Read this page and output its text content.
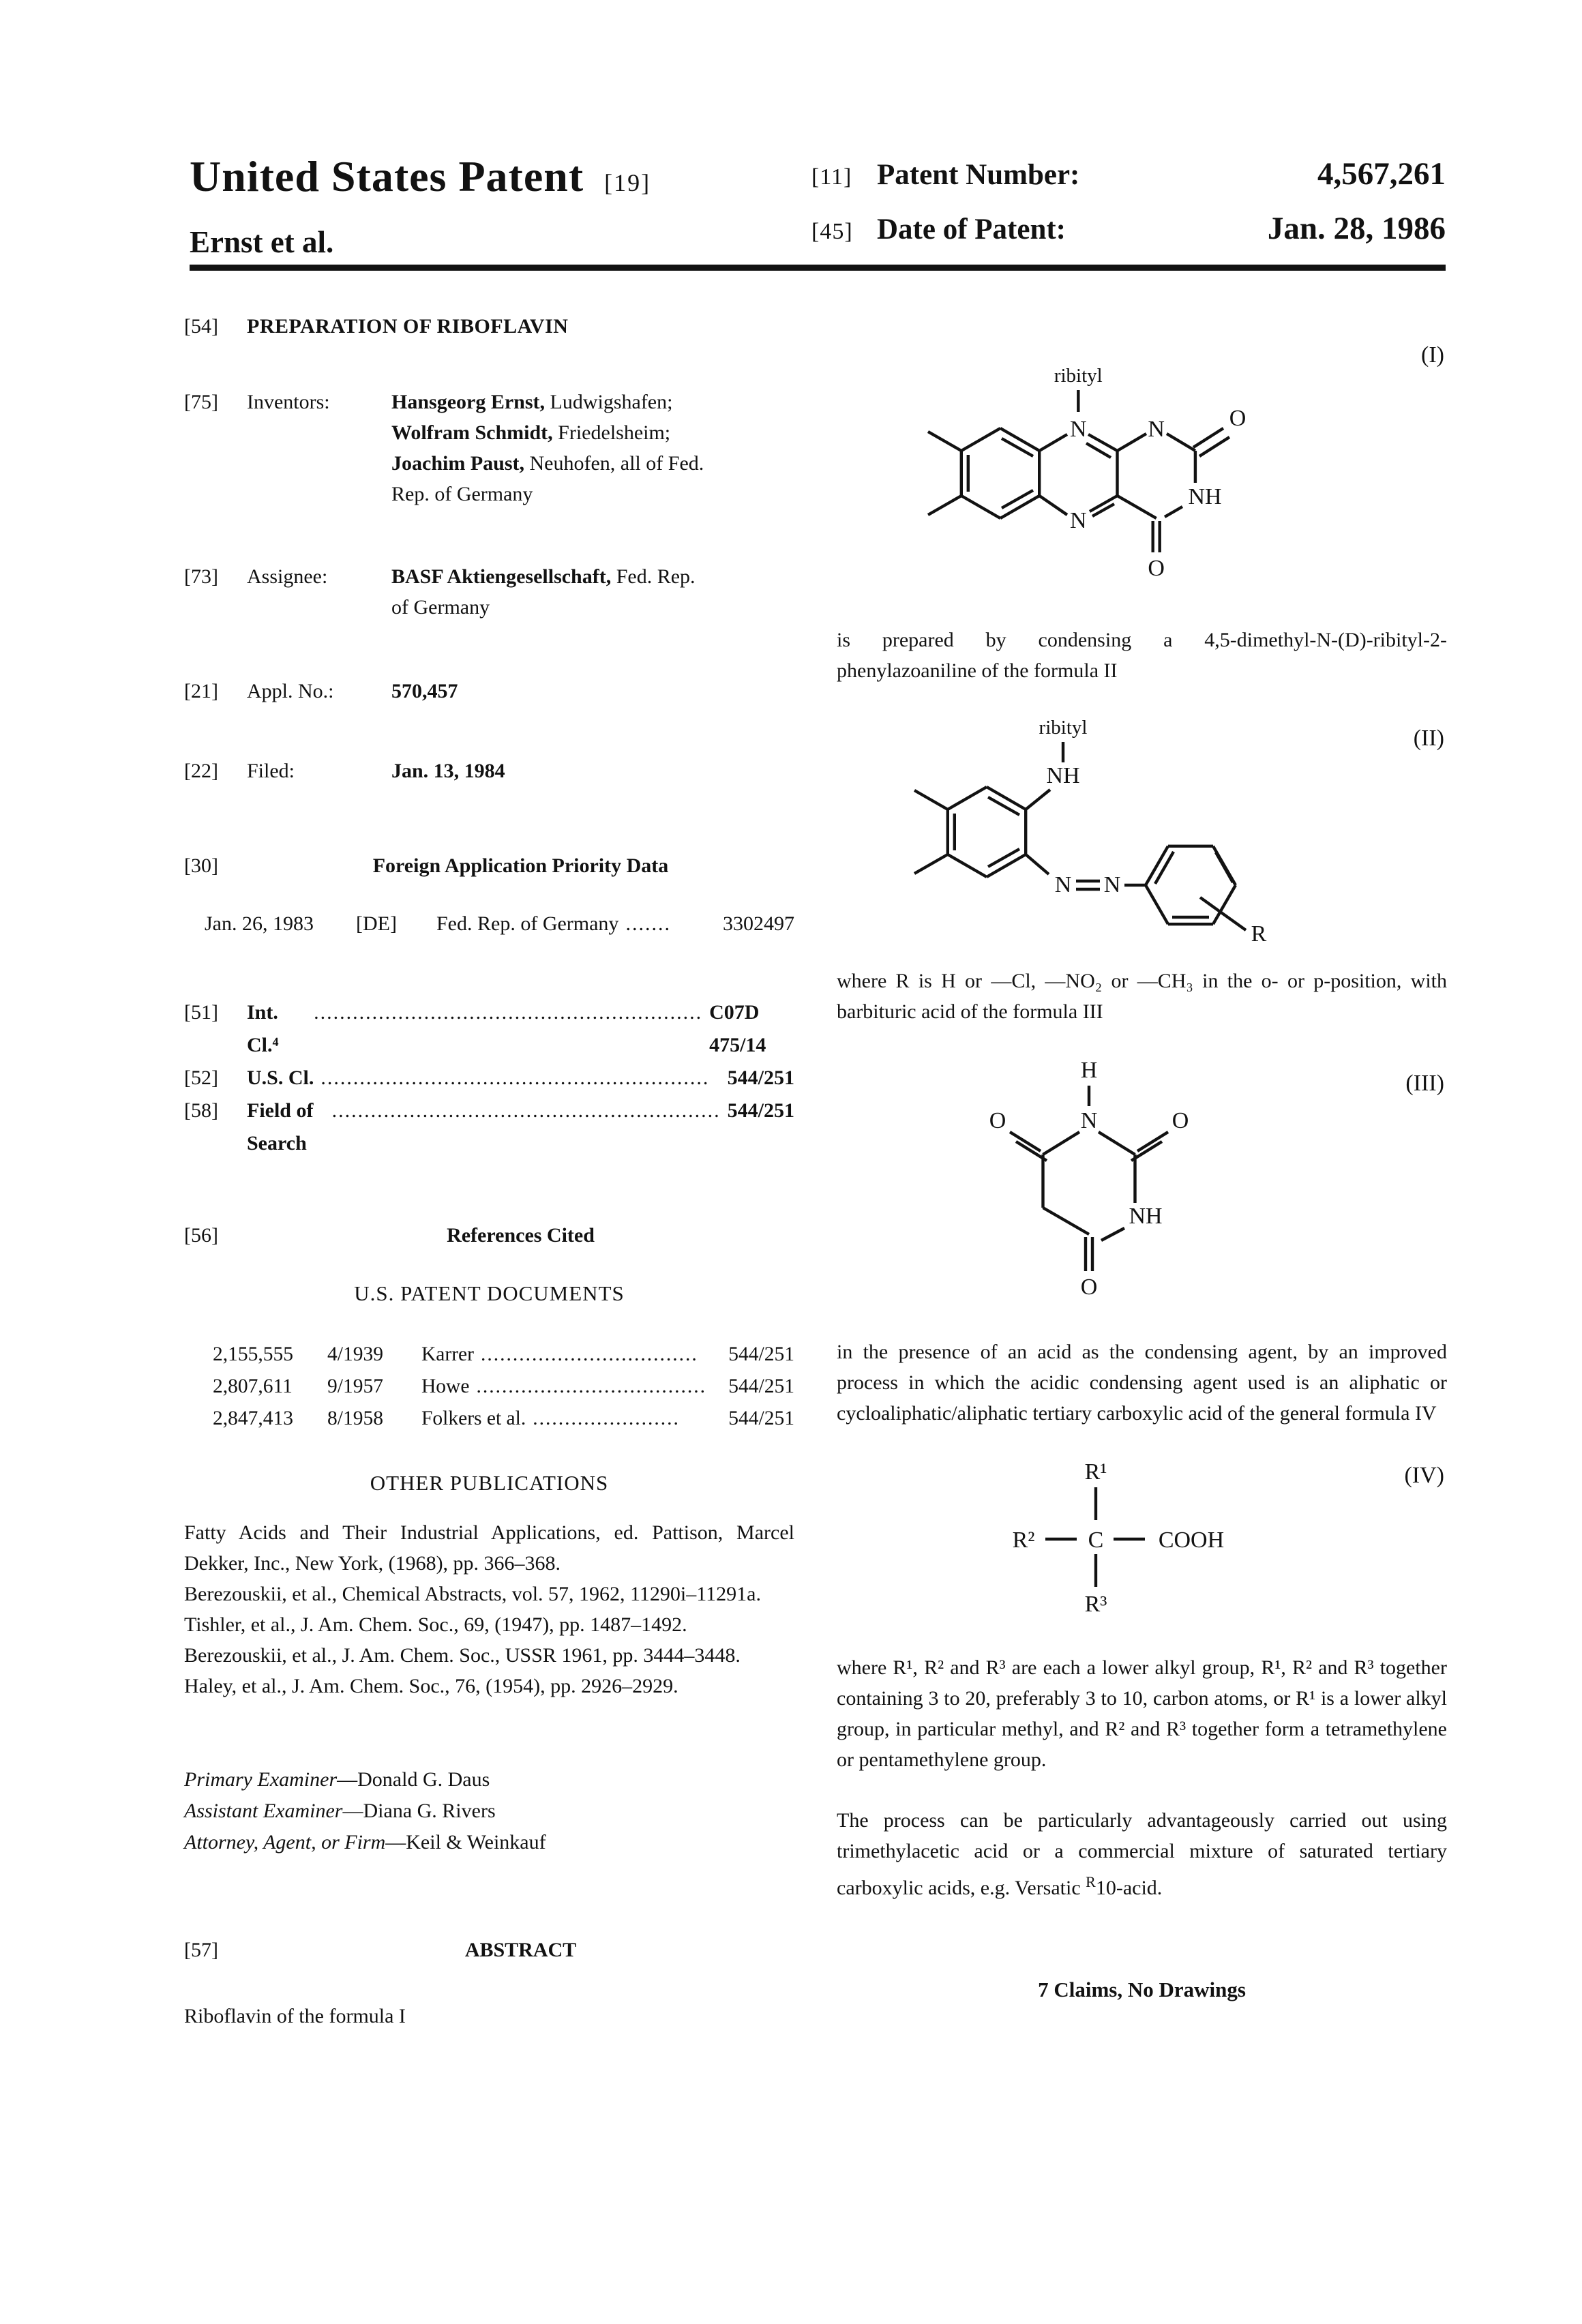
United States Patent [19]
Ernst et al.
[11] Patent Number:	4,567,261
[45] Date of Patent:	Jan. 28, 1986
[54]	PREPARATION OF RIBOFLAVIN
[75]	Inventors:	Hansgeorg Ernst, Ludwigshafen;
Wolfram Schmidt, Friedelsheim;
Joachim Paust, Neuhofen, all of Fed.
Rep. of Germany
[73]	Assignee:	BASF Aktiengesellschaft, Fed. Rep.
of Germany
[21]	Appl. No.:	570,457
[22]	Filed:	Jan. 13, 1984
[30]	Foreign Application Priority Data
Jan. 26, 1983	[DE]	Fed. Rep. of Germany .......	3302497
[51]	Int. Cl.⁴
............................................................ C07D 475/14
[52]	U.S. Cl. ............................................................ 544/251
[58]	Field of Search
............................................................ 544/251
[56]	References Cited
U.S. PATENT DOCUMENTS
2,155,555	4/1939	Karrer ..................................	544/251
2,807,611	9/1957	Howe ....................................	544/251
2,847,413	8/1958	Folkers et al. .......................	544/251
OTHER PUBLICATIONS

Fatty Acids and Their Industrial Applications, ed. Pattison, Marcel Dekker, Inc., New York, (1968), pp. 366–368.

Berezouskii, et al., Chemical Abstracts, vol. 57, 1962, 11290i–11291a.

Tishler, et al., J. Am. Chem. Soc., 69, (1947), pp. 1487–1492.

Berezouskii, et al., J. Am. Chem. Soc., USSR 1961, pp. 3444–3448.

Haley, et al., J. Am. Chem. Soc., 76, (1954), pp. 2926–2929.

Primary Examiner—Donald G. Daus
Assistant Examiner—Diana G. Rivers
Attorney, Agent, or Firm—Keil & Weinkauf
[57]	ABSTRACT

Riboflavin of the formula I

(I)
ribityl
N	N
N
NH
O
O

is prepared by condensing a 4,5-dimethyl-N-(D)-ribityl-2-phenylazoaniline of the formula II

(II)
ribityl
NH
N N
R

where R is H or —Cl, —NO₂ or —CH₃ in the o- or p-position, with barbituric acid of the formula III

(III)
H
N
O	O
NH
O

in the presence of an acid as the condensing agent, by an improved process in which the acidic condensing agent used is an aliphatic or cycloaliphatic/aliphatic tertiary carboxylic acid of the general formula IV

(IV)
R¹
R² C COOH
R³

where R¹, R² and R³ are each a lower alkyl group, R¹, R² and R³ together containing 3 to 20, preferably 3 to 10, carbon atoms, or R¹ is a lower alkyl group, in particular methyl, and R² and R³ together form a tetramethylene or pentamethylene group.

The process can be particularly advantageously carried out using trimethylacetic acid or a commercial mixture of saturated tertiary carboxylic acids, e.g. Versatic $^R$10-acid.

7 Claims, No Drawings
